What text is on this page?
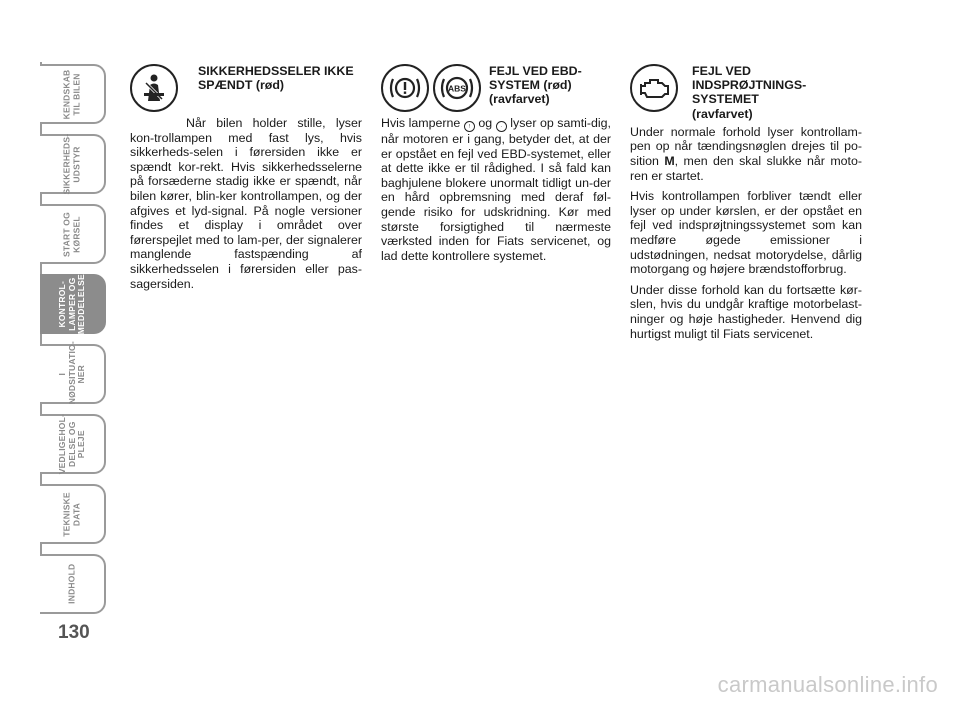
KENDSKAB
TIL BILEN
SIKKERHEDS-
UDSTYR
START OG
KØRSEL
KONTROL-
LAMPER OG
MEDDELELSER
I
NØDSITUATIO-
NER
VEDLIGEHOL-
DELSE OG PLEJE
TEKNISKE
DATA
INDHOLD
130
SIKKERHEDSSELER IKKE
SPÆNDT (rød)

Når bilen holder stille, lyser kon-trollampen med fast lys, hvis sikkerheds-selen i førersiden ikke er spændt kor-rekt. Hvis sikkerhedsselerne på forsæderne stadig ikke er spændt, når bilen kører, blin-ker kontrollampen, og der afgives et lyd-signal. På nogle versioner findes et display i området over førerspejlet med to lam-per, der signalerer manglende fastspænding af sikkerhedsselen i førersiden eller pas-sagersiden.

ABS
FEJL VED EBD-
SYSTEM (rød)
(ravfarvet)

Hvis lamperne ! og · lyser op samti-dig, når motoren er i gang, betyder det, at der er opstået en fejl ved EBD-systemet, eller at dette ikke er til rådighed. I så fald kan baghjulene blokere unormalt tidligt un-der en hård opbremsning med deraf føl-gende risiko for udskridning. Kør med største forsigtighed til nærmeste værksted inden for Fiats servicenet, og lad dette kontrollere systemet.

FEJL VED
INDSPRØJTNINGS-
SYSTEMET
(ravfarvet)

Under normale forhold lyser kontrollam-pen op når tændingsnøglen drejes til po-sition M, men den skal slukke når moto-ren er startet.

Hvis kontrollampen forbliver tændt eller lyser op under kørslen, er der opstået en fejl ved indsprøjtningssystemet som kan medføre øgede emissioner i udstødningen, nedsat motorydelse, dårlig motorgang og højere brændstofforbrug.

Under disse forhold kan du fortsætte kør-slen, hvis du undgår kraftige motorbelast-ninger og høje hastigheder. Henvend dig hurtigst muligt til Fiats servicenet.

carmanualsonline.info
